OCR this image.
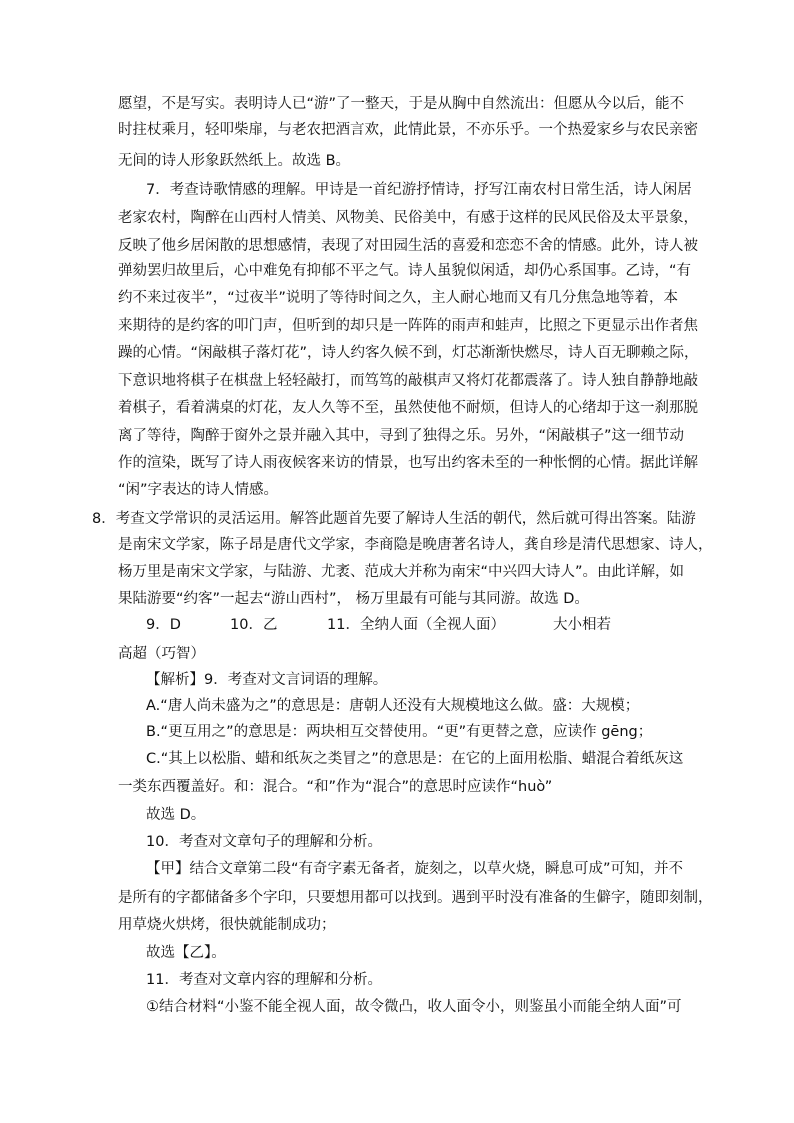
愿望，不是写实。表明诗人已“游”了一整天，于是从胸中自然流出：但愿从今以后，能不
时拄杖乘月，轻叩柴扉，与老农把酒言欢，此情此景，不亦乐乎。一个热爱家乡与农民亲密
无间的诗人形象跃然纸上。故选 B。
7．考查诗歌情感的理解。甲诗是一首纪游抒情诗，抒写江南农村日常生活，诗人闲居
老家农村，陶醉在山西村人情美、风物美、民俗美中，有感于这样的民风民俗及太平景象，
反映了他乡居闲散的思想感情，表现了对田园生活的喜爱和恋恋不舍的情感。此外，诗人被
弹劾罢归故里后，心中难免有抑郁不平之气。诗人虽貌似闲适，却仍心系国事。乙诗，“有
约不来过夜半”，“过夜半”说明了等待时间之久，主人耐心地而又有几分焦急地等着，本
来期待的是约客的叩门声，但听到的却只是一阵阵的雨声和蛙声，比照之下更显示出作者焦
躁的心情。“闲敲棋子落灯花”，诗人约客久候不到，灯芯渐渐快燃尽，诗人百无聊赖之际，
下意识地将棋子在棋盘上轻轻敲打，而笃笃的敲棋声又将灯花都震落了。诗人独自静静地敲
着棋子，看着满桌的灯花，友人久等不至，虽然使他不耐烦，但诗人的心绪却于这一刹那脱
离了等待，陶醉于窗外之景并融入其中，寻到了独得之乐。另外，“闲敲棋子”这一细节动
作的渲染，既写了诗人雨夜候客来访的情景，也写出约客未至的一种怅惘的心情。据此详解
“闲”字表达的诗人情感。
8．考查文学常识的灵活运用。解答此题首先要了解诗人生活的朝代，然后就可得出答案。陆游
是南宋文学家，陈子昂是唐代文学家，李商隐是晚唐著名诗人，龚自珍是清代思想家、诗人，
杨万里是南宋文学家，与陆游、尤袤、范成大并称为南宋“中兴四大诗人”。由此详解，如
果陆游要“约客”一起去“游山西村”， 杨万里最有可能与其同游。故选 D。
9．D	10．乙	11．全纳人面（全视人面）	大小相若
高超（巧智）
【解析】9．考查对文言词语的理解。
A.“唐人尚未盛为之”的意思是：唐朝人还没有大规模地这么做。盛：大规模；
B.“更互用之”的意思是：两块相互交替使用。“更”有更替之意，应读作 gēng；
C.“其上以松脂、蜡和纸灰之类冒之”的意思是：在它的上面用松脂、蜡混合着纸灰这
一类东西覆盖好。和：混合。“和”作为“混合”的意思时应读作“huò”
故选 D。
10．考查对文章句子的理解和分析。
【甲】结合文章第二段“有奇字素无备者，旋刻之，以草火烧，瞬息可成”可知，并不
是所有的字都储备多个字印，只要想用都可以找到。遇到平时没有准备的生僻字，随即刻制，
用草烧火烘烤，很快就能制成功；
故选【乙】。
11．考查对文章内容的理解和分析。
①结合材料“小鉴不能全视人面，故令微凸，收人面令小，则鉴虽小而能全纳人面”可
